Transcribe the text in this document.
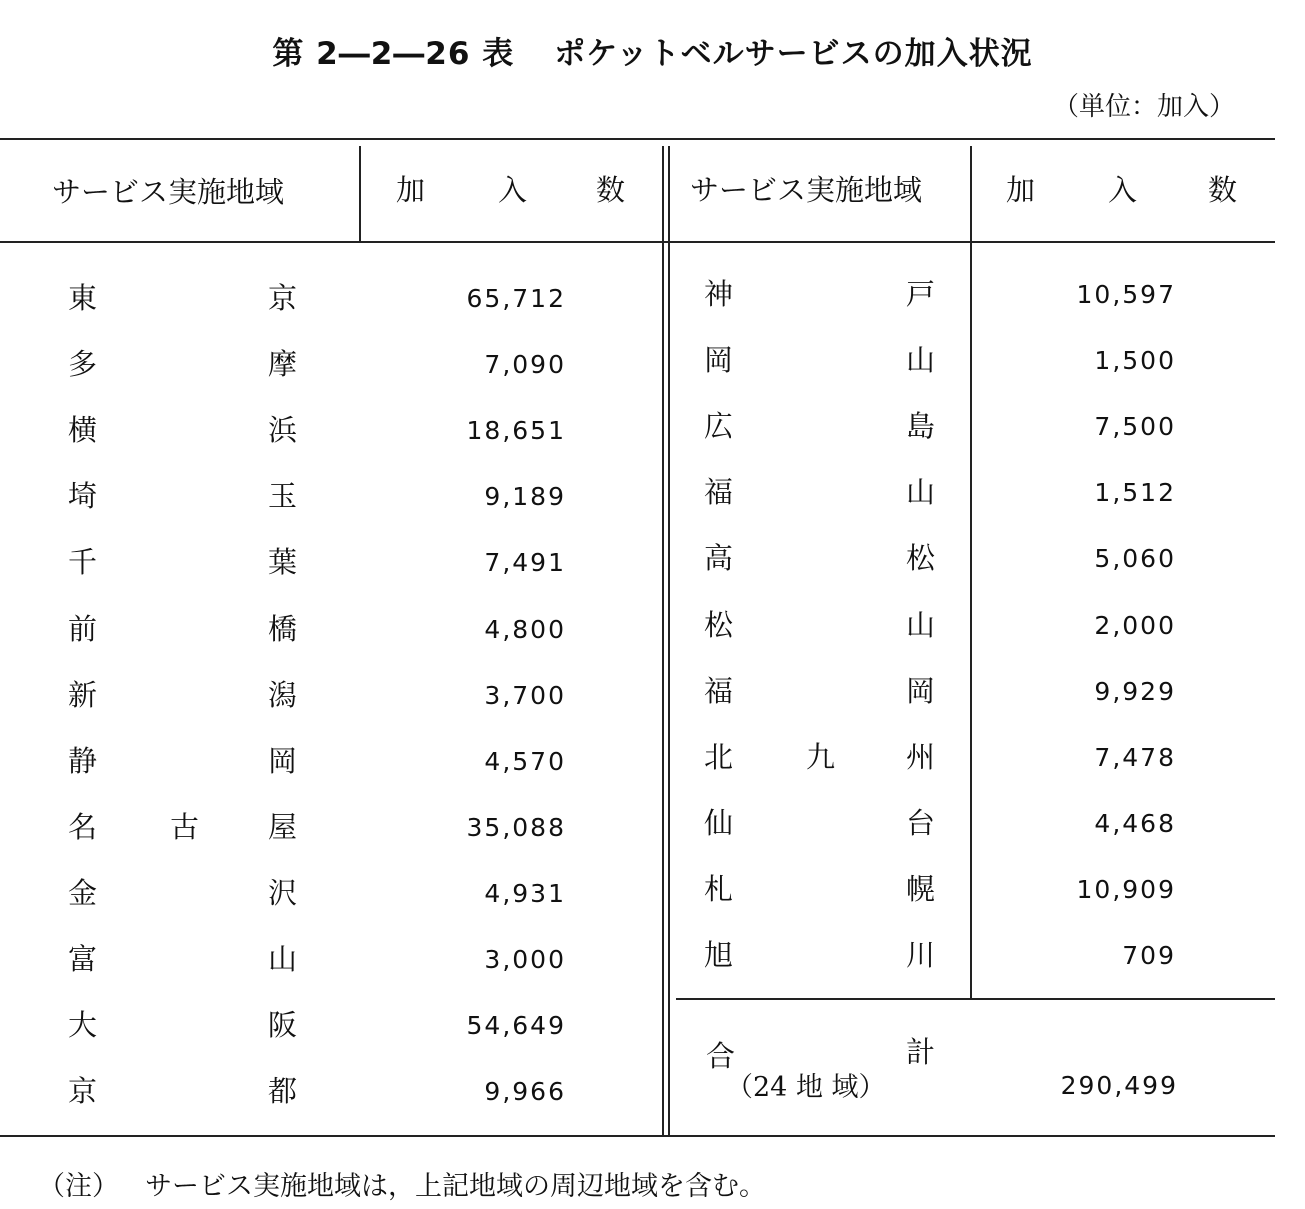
第 2―2―26 表 ポケットベルサービスの加入状況
（単位：加入）
サービス実施地域	加	入 数 サービス実施地域	加	入 数
東	京	65,712
多	摩	7,090
横	浜	18,651
埼	玉	9,189
千	葉	7,491
前	橋	4,800
新	潟	3,700
静	岡	4,570
名	古 屋	35,088
金	沢	4,931
富	山	3,000
大	阪	54,649
京	都	9,966
神	戸	10,597
岡	山	1,500
広	島	7,500
福	山	1,512
高	松	5,060
松	山	2,000
福	岡	9,929
北	九 州	7,478
仙	台	4,468
札	幌	10,909
旭	川	709
合	計
（24 地 域）	290,499
（注） サービス実施地域は，上記地域の周辺地域を含む。
